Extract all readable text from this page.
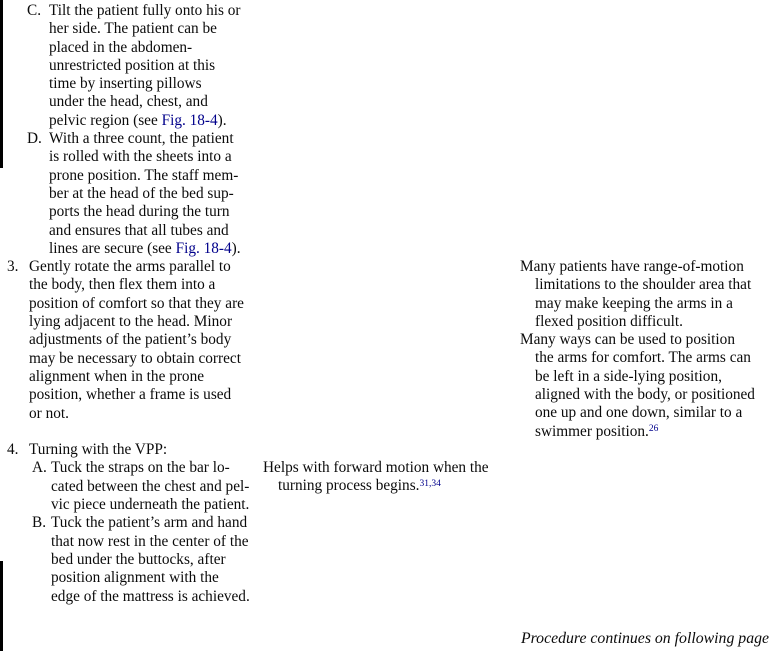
C. Tilt the patient fully onto his or
her side. The patient can be
placed in the abdomen-
unrestricted position at this
time by inserting pillows
under the head, chest, and
pelvic region (see Fig. 18-4).
D. With a three count, the patient
is rolled with the sheets into a
prone position. The staff mem-
ber at the head of the bed sup-
ports the head during the turn
and ensures that all tubes and
lines are secure (see Fig. 18-4).
3. Gently rotate the arms parallel to
the body, then flex them into a
position of comfort so that they are
lying adjacent to the head. Minor
adjustments of the patient’s body
may be necessary to obtain correct
alignment when in the prone
position, whether a frame is used
or not.
4. Turning with the VPP:
A. Tuck the straps on the bar lo-
cated between the chest and pel-
vic piece underneath the patient.
B. Tuck the patient’s arm and hand
that now rest in the center of the
bed under the buttocks, after
position alignment with the
edge of the mattress is achieved.
Helps with forward motion when the
turning process begins.$^{31,34}$
Many patients have range-of-motion
limitations to the shoulder area that
may make keeping the arms in a
flexed position difficult.
Many ways can be used to position
the arms for comfort. The arms can
be left in a side-lying position,
aligned with the body, or positioned
one up and one down, similar to a
swimmer position.$^{26}$
Procedure continues on following page
